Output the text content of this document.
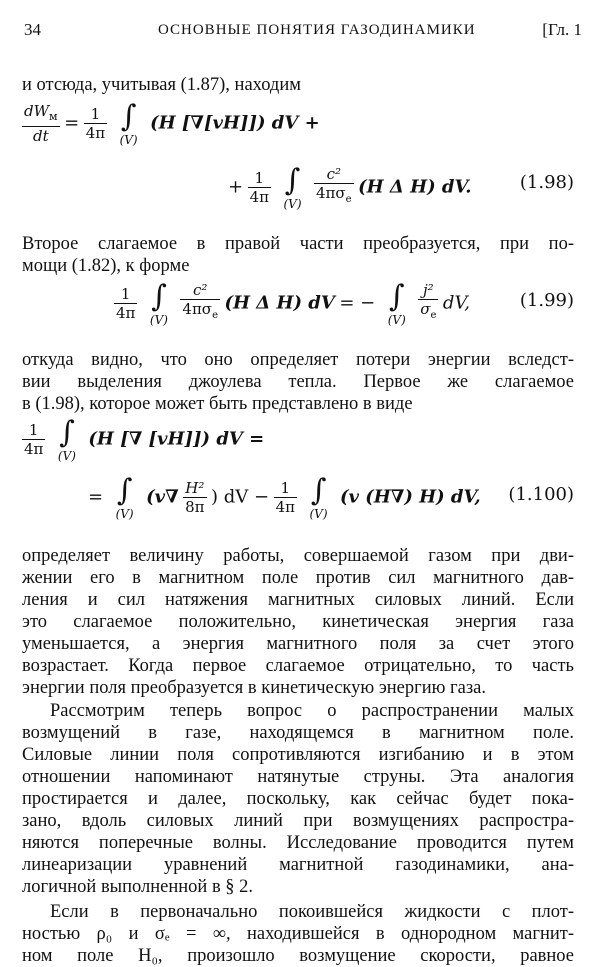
34	ОСНОВНЫЕ ПОНЯТИЯ ГАЗОДИНАМИКИ	[Гл. 1
и отсюда, учитывая (1.87), находим
$\frac{dW_м}{dt} = \frac{1}{4\pi}$
∫
(V)
(H [∇[vH]]) dV +
+ $\frac{1}{4\pi}$
∫
(V)
$\frac{\text{c²}}{4\pi\sigma_е} (H$ Δ H) dV.	(1.98)
Второе слагаемое в правой части преобразуется, при по-
мощи (1.82), к форме
$\frac{1}{4\pi}$
∫
(V)
$\frac{\text{c²}}{4\pi\sigma_е} (H$ Δ H) dV = − ∫
(V)
$\frac{\text{j²}}{\sigma_е}$ dV,	(1.99)
откуда видно, что оно определяет потери энергии вследст-
вии выделения джоулева тепла. Первое же слагаемое
в (1.98), которое может быть представлено в виде
$\frac{1}{4\pi}$
∫
(V)
(H [∇ [vH]]) dV =
= ∫
(V)
($v\nabla \frac{\text{H²}}{8\pi}$ ) dV − $\frac{1}{4\pi}$
∫
(V)
(v (H∇) H) dV, (1.100)
определяет величину работы, совершаемой газом при дви-
жении его в магнитном поле против сил магнитного дав-
ления и сил натяжения магнитных силовых линий. Если
это слагаемое положительно, кинетическая энергия газа
уменьшается, а энергия магнитного поля за счет этого
возрастает. Когда первое слагаемое отрицательно, то часть
энергии поля преобразуется в кинетическую энергию газа.
Рассмотрим теперь вопрос о распространении малых
возмущений в газе, находящемся в магнитном поле.
Силовые линии поля сопротивляются изгибанию и в этом
отношении напоминают натянутые струны. Эта аналогия
простирается и далее, поскольку, как сейчас будет пока-
зано, вдоль силовых линий при возмущениях распростра-
няются поперечные волны. Исследование проводится путем
линеаризации уравнений магнитной газодинамики, ана-
логичной выполненной в § 2.
Если в первоначально покоившейся жидкости с плот-
ностью ρ₀ и σₑ = ∞, находившейся в однородном магнит-
ном поле H₀, произошло возмущение скорости, равное
